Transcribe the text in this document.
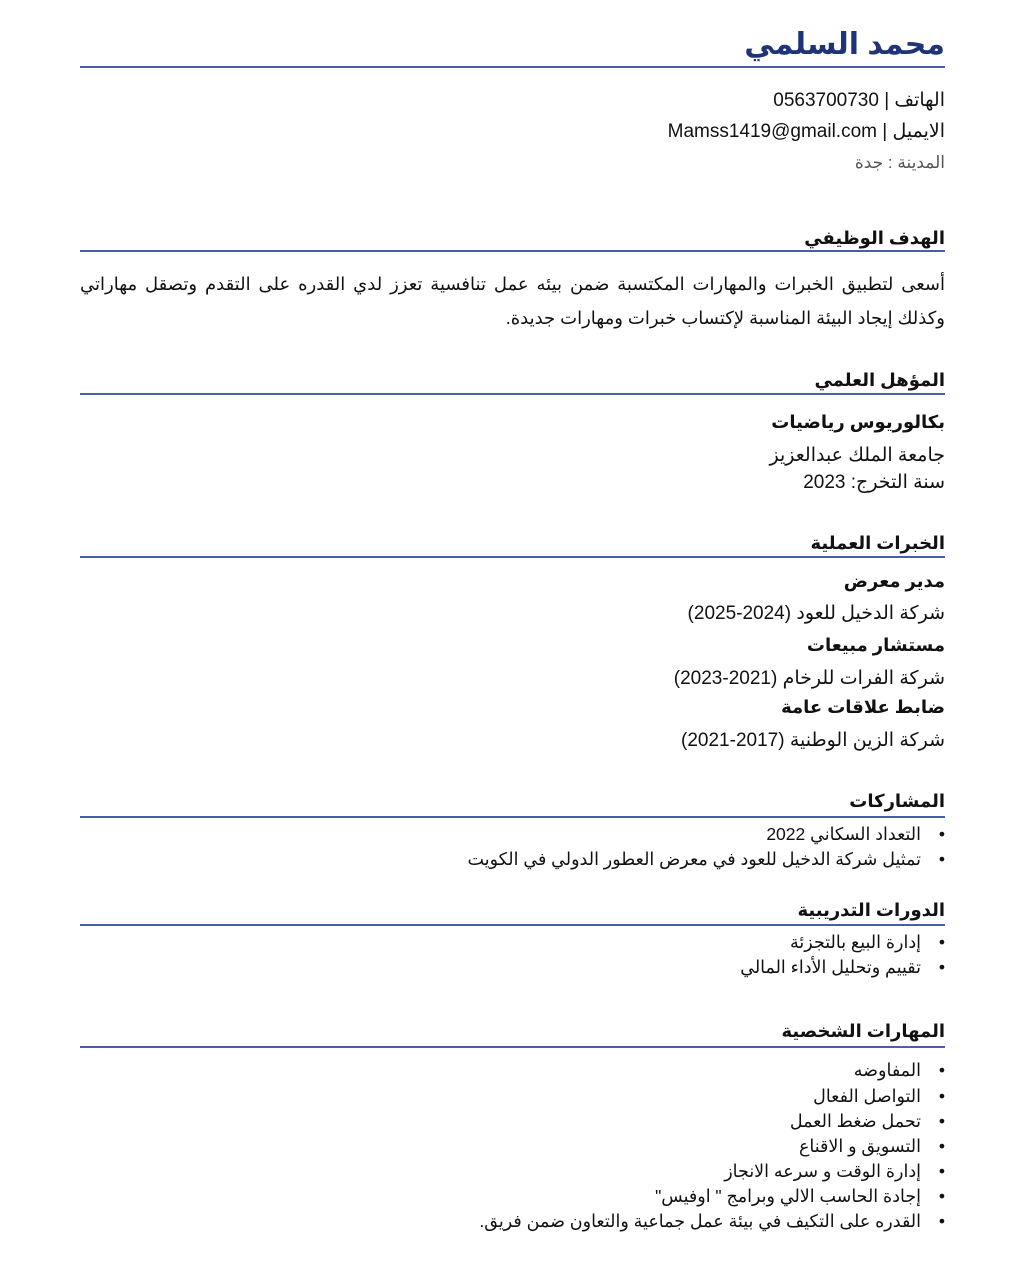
محمد السلمي
الهاتف | 0563700730
الايميل | Mamss1419@gmail.com
المدينة : جدة
الهدف الوظيفي
أسعى لتطبيق الخبرات والمهارات المكتسبة ضمن بيئه عمل تنافسية تعزز لدي القدره على التقدم وتصقل مهاراتي وكذلك إيجاد البيئة المناسبة لإكتساب خبرات ومهارات جديدة.
المؤهل العلمي
بكالوريوس رياضيات
جامعة الملك عبدالعزيز
سنة التخرج: 2023
الخبرات العملية
مدير معرض
شركة الدخيل للعود (2024-2025)
مستشار مبيعات
شركة الفرات للرخام (2021-2023)
ضابط علاقات عامة
شركة الزين الوطنية (2017-2021)
المشاركات
• التعداد السكاني 2022
• تمثيل شركة الدخيل للعود في معرض العطور الدولي في الكويت
الدورات التدريبية
• إدارة البيع بالتجزئة
• تقييم وتحليل الأداء المالي
المهارات الشخصية
• المفاوضه
• التواصل الفعال
• تحمل ضغط العمل
• التسويق و الاقناع
• إدارة الوقت و سرعه الانجاز
• إجادة الحاسب الالي وبرامج " اوفيس"
• القدره على التكيف في بيئة عمل جماعية والتعاون ضمن فريق.
